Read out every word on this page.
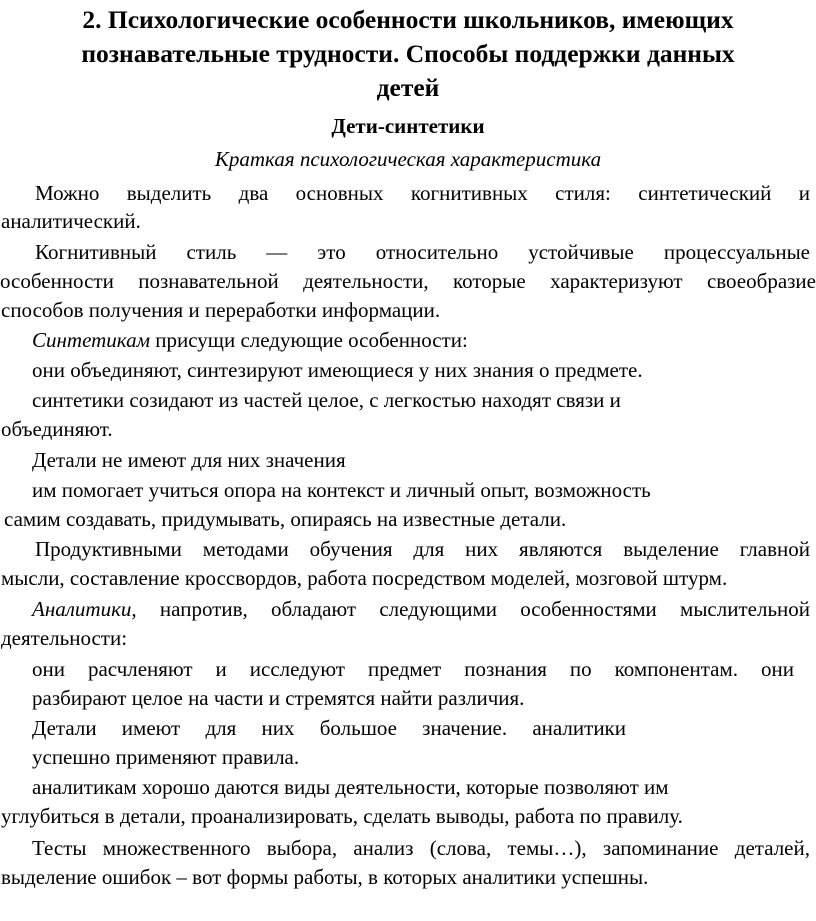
2. Психологические особенности школьников, имеющих
познавательные трудности. Способы поддержки данных
детей
Дети-синтетики
Краткая психологическая характеристика
Можно выделить два основных когнитивных стиля: синтетический и
аналитический.
Когнитивный стиль — это относительно устойчивые процессуальные
особенности познавательной деятельности, которые характеризуют своеобразие
способов получения и переработки информации.
Синтетикам присущи следующие особенности:
они объединяют, синтезируют имеющиеся у них знания о предмете.
синтетики созидают из частей целое, с легкостью находят связи и
объединяют.
Детали не имеют для них значения
им помогает учиться опора на контекст и личный опыт, возможность
самим создавать, придумывать, опираясь на известные детали.
Продуктивными методами обучения для них являются выделение главной
мысли, составление кроссвордов, работа посредством моделей, мозговой штурм.
Аналитики, напротив, обладают следующими особенностями мыслительной
деятельности:
они расчленяют и исследуют предмет познания по компонентам. они
разбирают целое на части и стремятся найти различия.
Детали имеют для них большое значение. аналитики
успешно применяют правила.
аналитикам хорошо даются виды деятельности, которые позволяют им
углубиться в детали, проанализировать, сделать выводы, работа по правилу.
Тесты множественного выбора, анализ (слова, темы…), запоминание деталей,
выделение ошибок – вот формы работы, в которых аналитики успешны.
